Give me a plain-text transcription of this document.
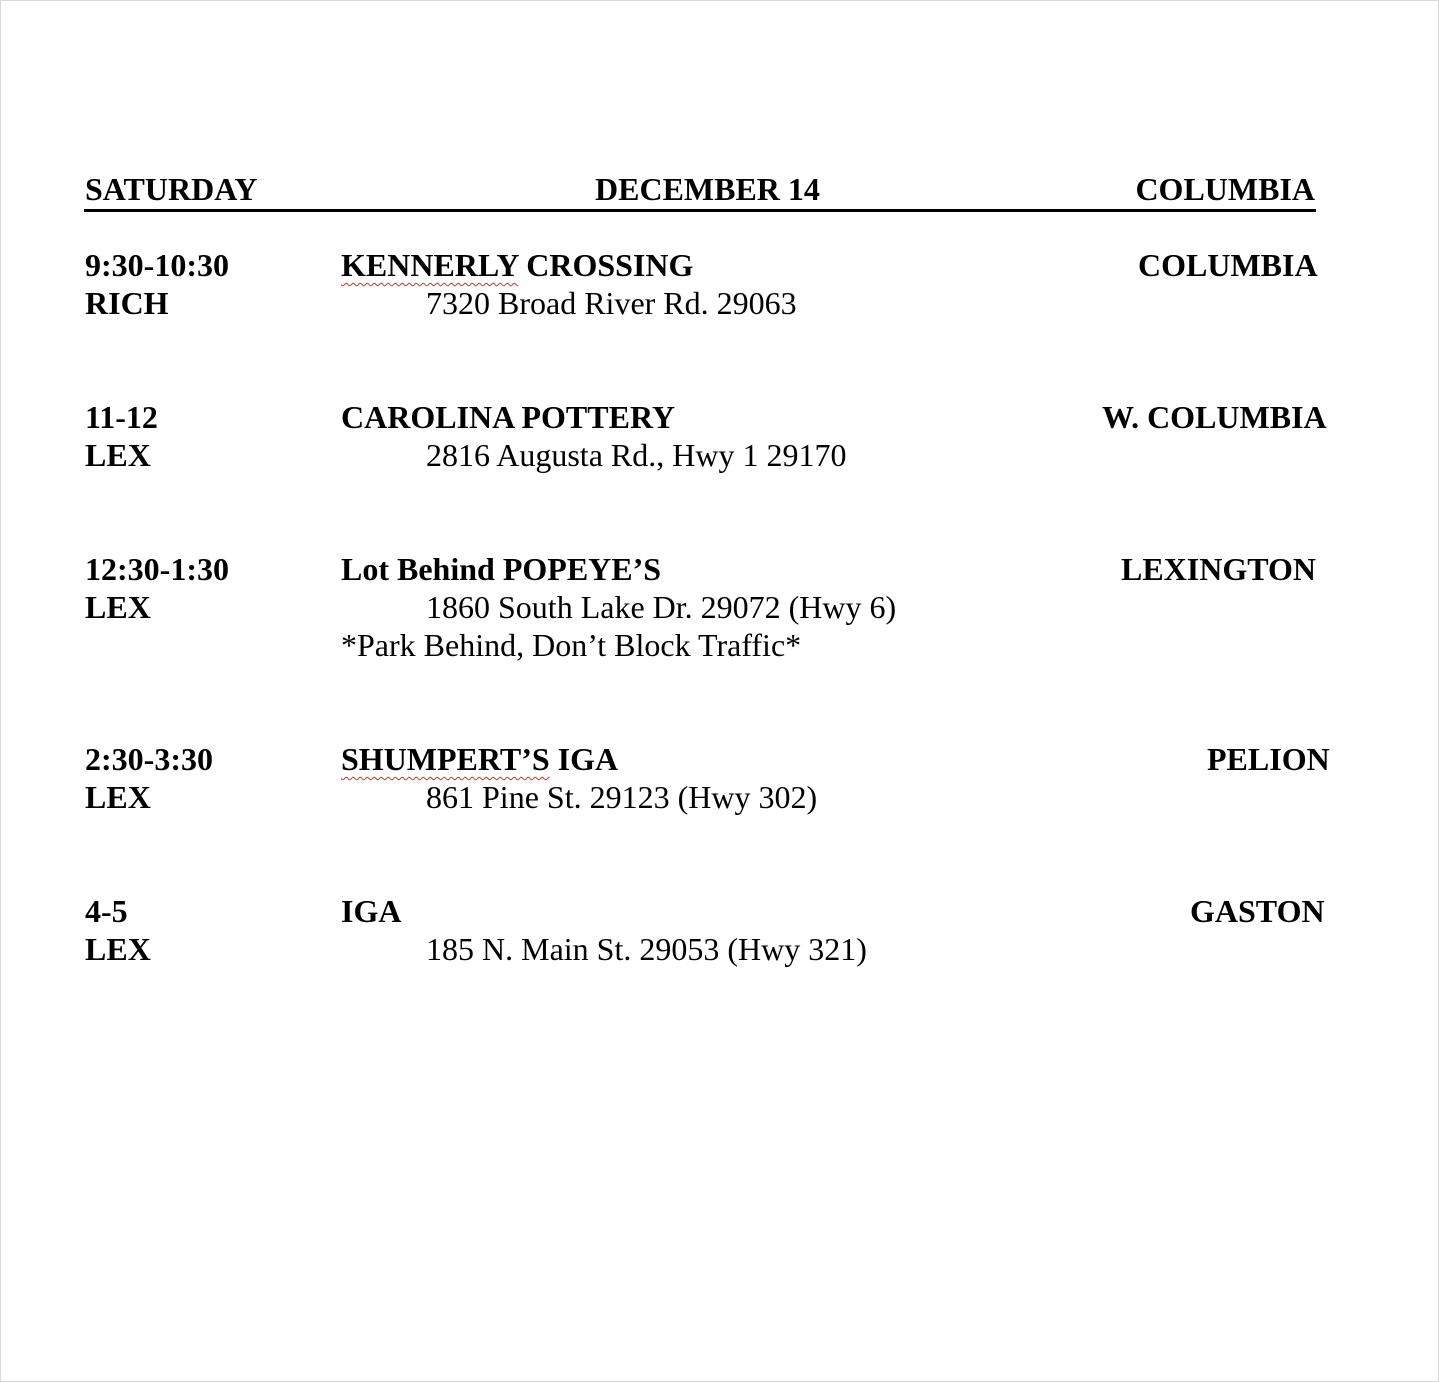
SATURDAY	DECEMBER 14	COLUMBIA
9:30-10:30
RICH
KENNERLY CROSSING
7320 Broad River Rd. 29063
COLUMBIA
11-12
LEX
CAROLINA POTTERY
2816 Augusta Rd., Hwy 1 29170
W. COLUMBIA
12:30-1:30
LEX
Lot Behind POPEYE’S
1860 South Lake Dr. 29072 (Hwy 6)
*Park Behind, Don’t Block Traffic*
LEXINGTON
2:30-3:30
LEX
SHUMPERT’S IGA
861 Pine St. 29123 (Hwy 302)
PELION
4-5
LEX
IGA
185 N. Main St. 29053 (Hwy 321)
GASTON
